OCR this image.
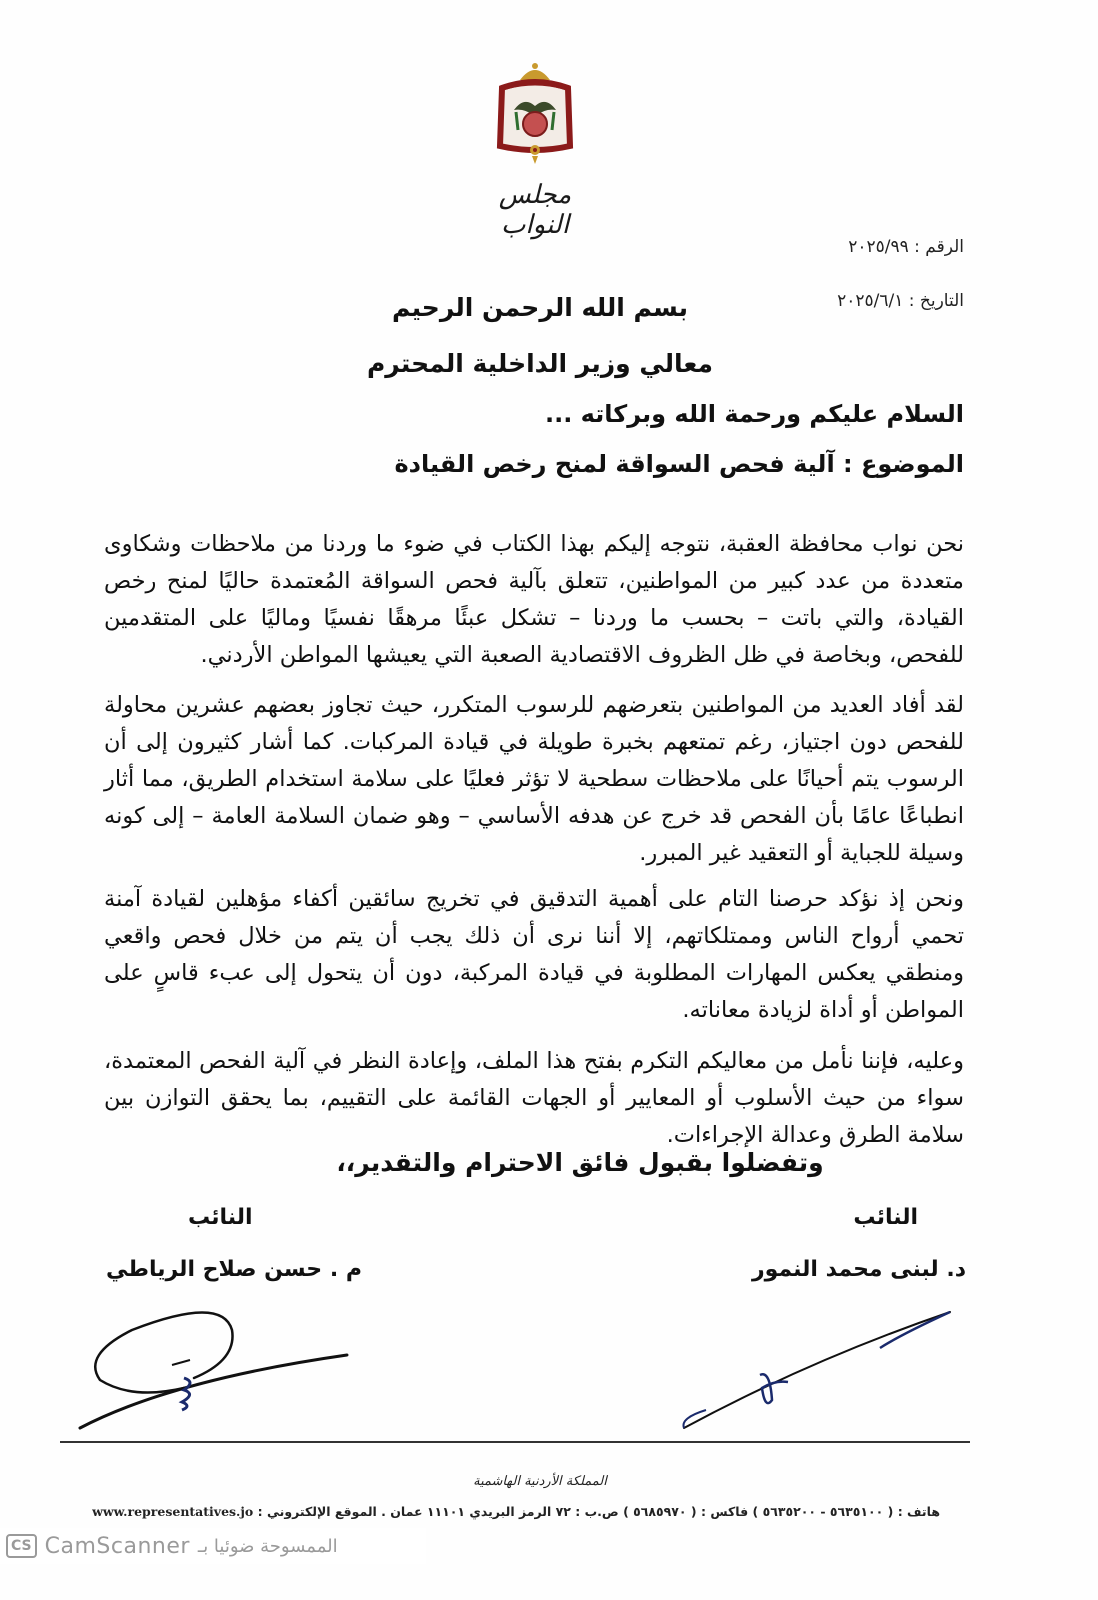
مجلس النواب
الرقم : ٢٠٢٥/٩٩
التاريخ : ٢٠٢٥/٦/١
بسم الله الرحمن الرحيم
معالي وزير الداخلية المحترم
السلام عليكم ورحمة الله وبركاته ...
الموضوع : آلية فحص السواقة لمنح رخص القيادة

نحن نواب محافظة العقبة، نتوجه إليكم بهذا الكتاب في ضوء ما وردنا من ملاحظات وشكاوى متعددة من عدد كبير من المواطنين، تتعلق بآلية فحص السواقة المُعتمدة حاليًا لمنح رخص القيادة، والتي باتت – بحسب ما وردنا – تشكل عبئًا مرهقًا نفسيًا وماليًا على المتقدمين للفحص، وبخاصة في ظل الظروف الاقتصادية الصعبة التي يعيشها المواطن الأردني.

لقد أفاد العديد من المواطنين بتعرضهم للرسوب المتكرر، حيث تجاوز بعضهم عشرين محاولة للفحص دون اجتياز، رغم تمتعهم بخبرة طويلة في قيادة المركبات. كما أشار كثيرون إلى أن الرسوب يتم أحيانًا على ملاحظات سطحية لا تؤثر فعليًا على سلامة استخدام الطريق، مما أثار انطباعًا عامًا بأن الفحص قد خرج عن هدفه الأساسي – وهو ضمان السلامة العامة – إلى كونه وسيلة للجباية أو التعقيد غير المبرر.

ونحن إذ نؤكد حرصنا التام على أهمية التدقيق في تخريج سائقين أكفاء مؤهلين لقيادة آمنة تحمي أرواح الناس وممتلكاتهم، إلا أننا نرى أن ذلك يجب أن يتم من خلال فحص واقعي ومنطقي يعكس المهارات المطلوبة في قيادة المركبة، دون أن يتحول إلى عبء قاسٍ على المواطن أو أداة لزيادة معاناته.

وعليه، فإننا نأمل من معاليكم التكرم بفتح هذا الملف، وإعادة النظر في آلية الفحص المعتمدة، سواء من حيث الأسلوب أو المعايير أو الجهات القائمة على التقييم، بما يحقق التوازن بين سلامة الطرق وعدالة الإجراءات.

وتفضلوا بقبول فائق الاحترام والتقدير،،
النائب
د. لبنى محمد النمور
النائب
م . حسن صلاح الرياطي
المملكة الأردنية الهاشمية
هاتف : ( ٥٦٣٥١٠٠ - ٥٦٣٥٢٠٠ ) فاكس : ( ٥٦٨٥٩٧٠ ) ص.ب : ٧٢ الرمز البريدي ١١١٠١ عمان . الموقع الإلكتروني : www.representatives.jo
CS CamScanner الممسوحة ضوئيا بـ
